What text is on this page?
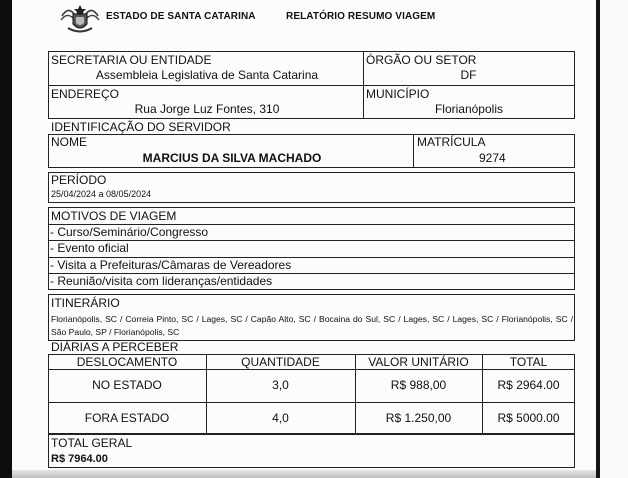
ESTADO DE SANTA CATARINA	RELATÓRIO RESUMO VIAGEM
SECRETARIA OU ENTIDADE
Assembleia Legislativa de Santa Catarina
ÓRGÃO OU SETOR
DF
ENDEREÇO
Rua Jorge Luz Fontes, 310
MUNICÍPIO
Florianópolis
IDENTIFICAÇÃO DO SERVIDOR
NOME
MARCIUS DA SILVA MACHADO
MATRÍCULA
9274
PERÍODO
25/04/2024 a 08/05/2024
MOTIVOS DE VIAGEM
- Curso/Seminário/Congresso
- Evento oficial
- Visita a Prefeituras/Câmaras de Vereadores
- Reunião/visita com lideranças/entidades
ITINERÁRIO
Florianópolis, SC / Correia Pinto, SC / Lages, SC / Capão Alto, SC / Bocaina do Sul, SC / Lages, SC / Lages, SC / Florianópolis, SC / São Paulo, SP / Florianópolis, SC
DIÁRIAS A PERCEBER
DESLOCAMENTO	QUANTIDADE	VALOR UNITÁRIO	TOTAL
NO ESTADO	3,0	R$ 988,00	R$ 2964.00
FORA ESTADO	4,0	R$ 1.250,00	R$ 5000.00
TOTAL GERAL
R$ 7964.00
